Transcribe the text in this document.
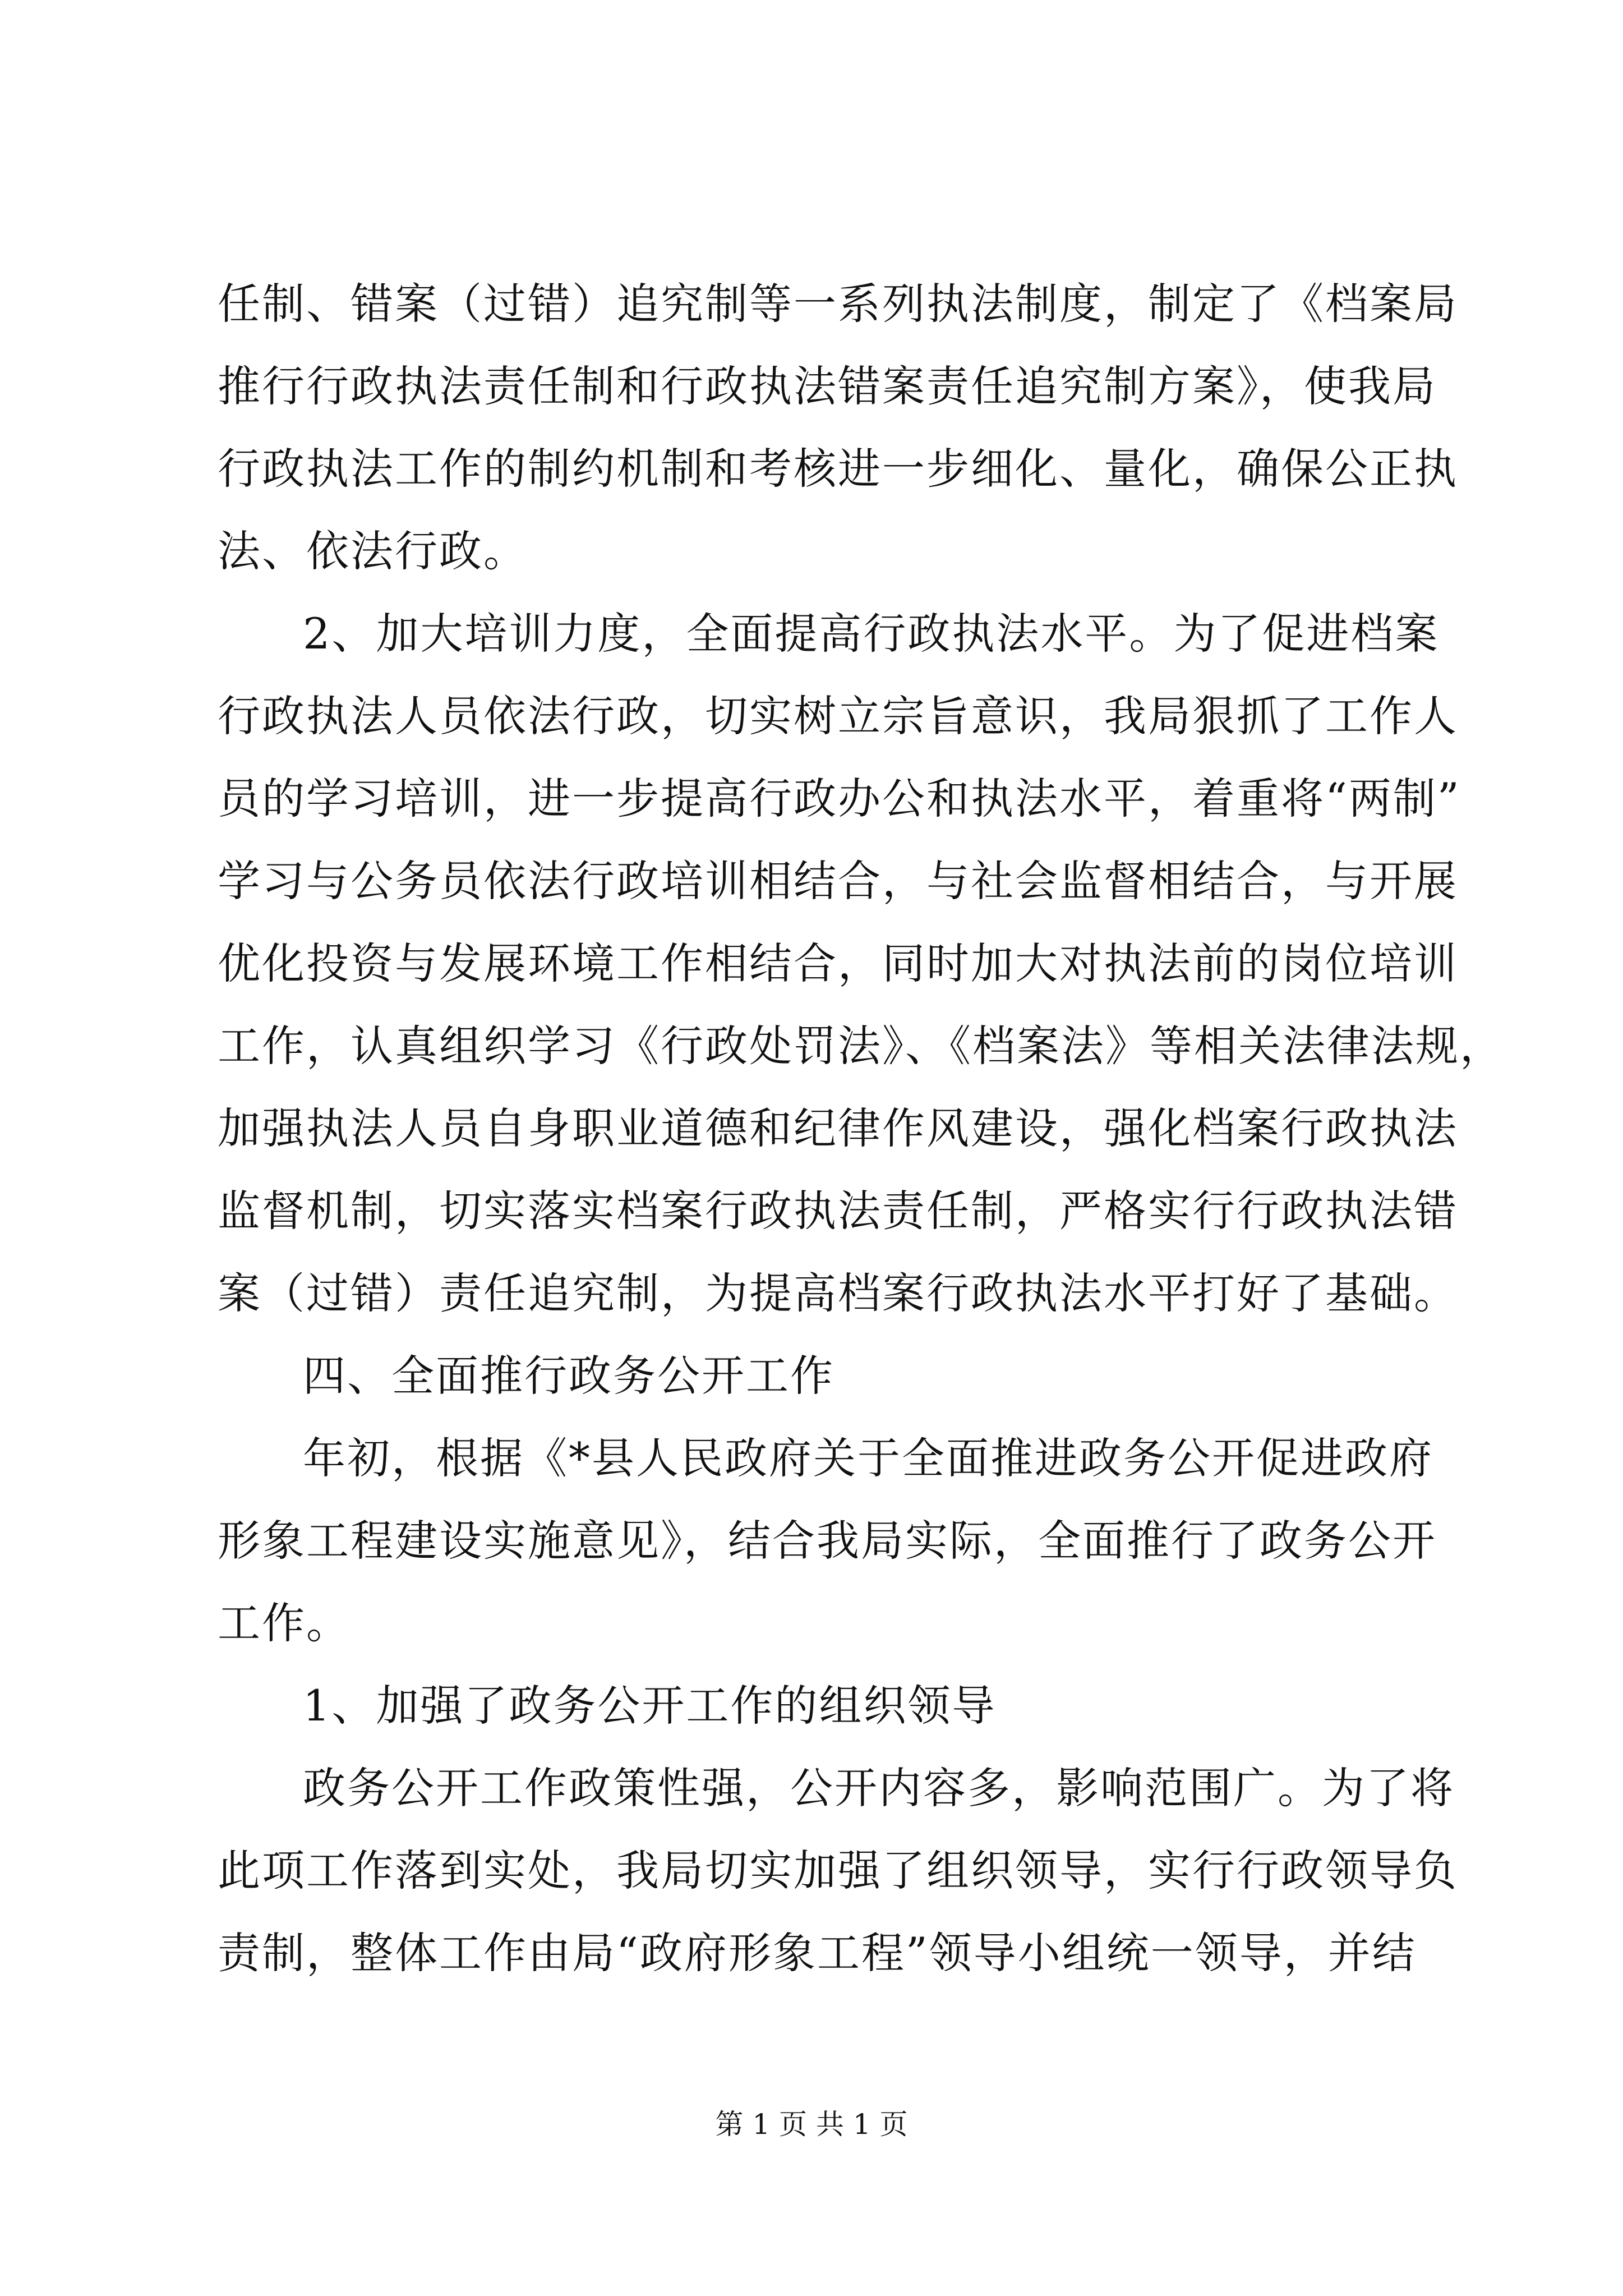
任制、错案（过错）追究制等一系列执法制度，制定了《档案局
推行行政执法责任制和行政执法错案责任追究制方案》，使我局
行政执法工作的制约机制和考核进一步细化、量化，确保公正执
法、依法行政。
2、加大培训力度，全面提高行政执法水平。为了促进档案
行政执法人员依法行政，切实树立宗旨意识，我局狠抓了工作人
员的学习培训，进一步提高行政办公和执法水平，着重将“两制”
学习与公务员依法行政培训相结合，与社会监督相结合，与开展
优化投资与发展环境工作相结合，同时加大对执法前的岗位培训
工作，认真组织学习《行政处罚法》、《档案法》等相关法律法规，
加强执法人员自身职业道德和纪律作风建设，强化档案行政执法
监督机制，切实落实档案行政执法责任制，严格实行行政执法错
案（过错）责任追究制，为提高档案行政执法水平打好了基础。
四、全面推行政务公开工作
年初，根据《*县人民政府关于全面推进政务公开促进政府
形象工程建设实施意见》，结合我局实际，全面推行了政务公开
工作。
1、加强了政务公开工作的组织领导
政务公开工作政策性强，公开内容多，影响范围广。为了将
此项工作落到实处，我局切实加强了组织领导，实行行政领导负
责制，整体工作由局“政府形象工程”领导小组统一领导，并结
第 1 页 共 1 页
